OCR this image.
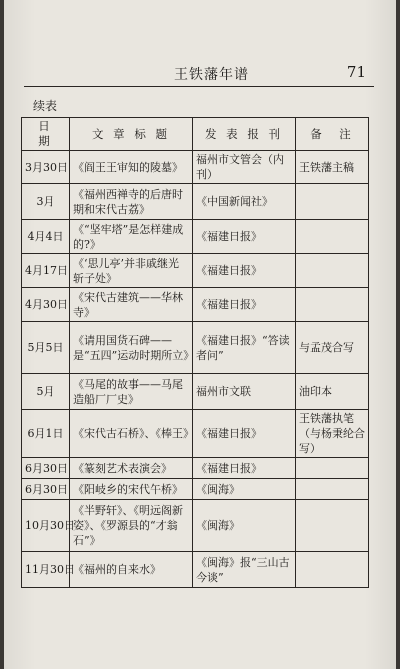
王铁藩年谱	71
续表
日　期	文 章 标 题	发 表 报 刊	备　注
3月30日	《阎王王审知的陵墓》	福州市文管会（内刊）	王铁藩主稿
3月	《福州西禅寺的后唐时期和宋代古荔》	《中国新闻社》	
4月4日	《“坚牢塔”是怎样建成的?》	《福建日报》	
4月17日	《‘思儿亭’并非戚继光斩子处》	《福建日报》	
4月30日	《宋代古建筑——华林寺》	《福建日报》	
5月5日	《请用国货石碑——是“五四”运动时期所立》	《福建日报》“答读者问”	与孟茂合写
5月	《马尾的故事——马尾造船厂厂史》	福州市文联	油印本
6月1日	《宋代古石桥》、《棒王》	《福建日报》	王铁藩执笔（与杨秉纶合写）
6月30日	《篆刻艺术表演会》	《福建日报》	
6月30日	《阳岐乡的宋代午桥》	《闽海》	
10月30日	《半野轩》、《明远阁新姿》、《罗源县的“才翁石”》	《闽海》	
11月30日	《福州的自来水》	《闽海》报“三山古今谈”	
